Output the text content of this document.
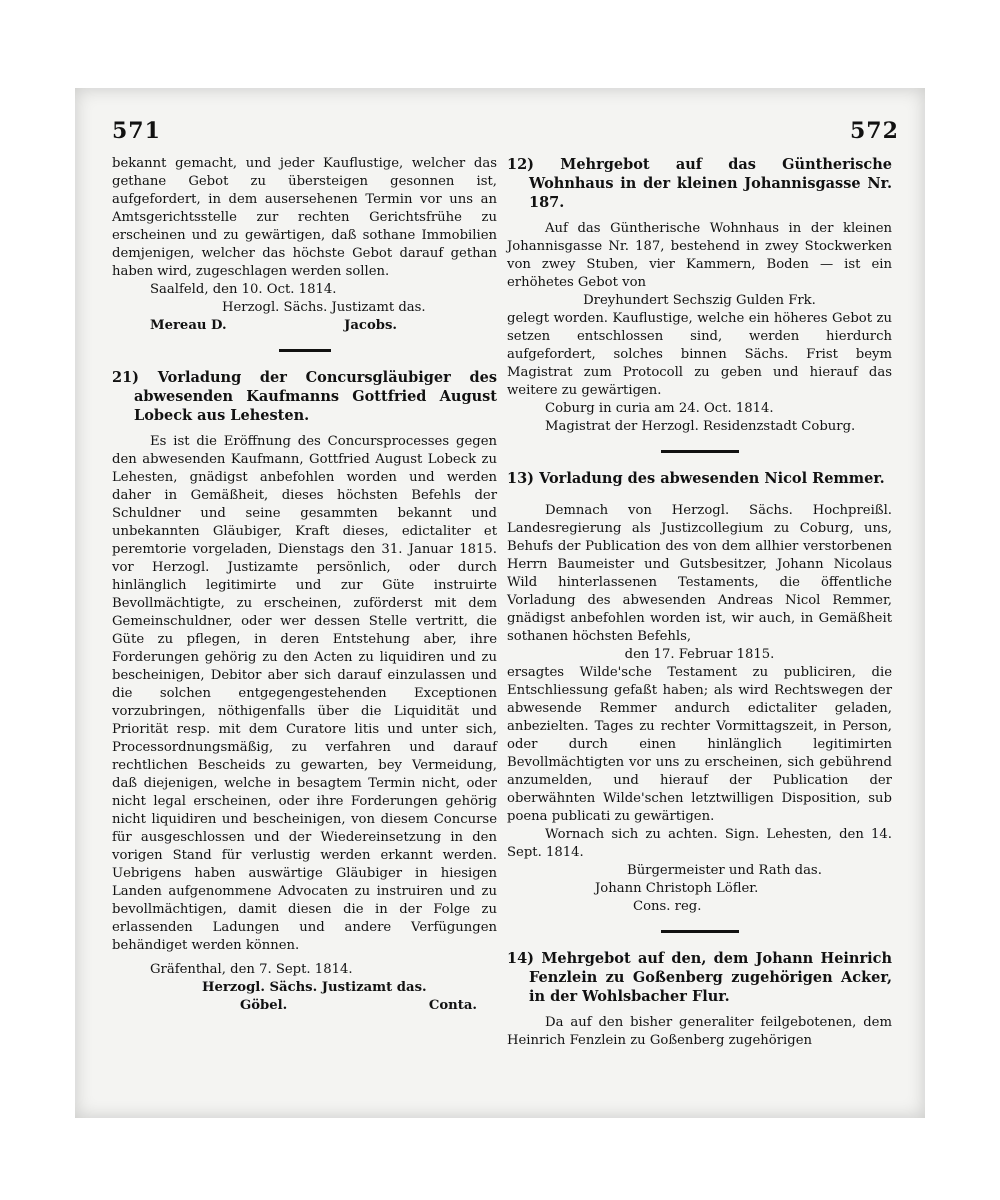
571	572

bekannt gemacht, und jeder Kauflustige, welcher das gethane Gebot zu übersteigen gesonnen ist, aufgefordert, in dem ausersehenen Termin vor uns an Amtsgerichtsstelle zur rechten Gerichtsfrühe zu erscheinen und zu gewärtigen, daß sothane Immobilien demjenigen, welcher das höchste Gebot darauf gethan haben wird, zugeschlagen werden sollen.

Saalfeld, den 10. Oct. 1814.

Herzogl. Sächs. Justizamt das.

Mereau D.	Jacobs.

21) Vorladung der Concursgläubiger des abwesenden Kaufmanns Gottfried August Lobeck aus Lehesten.

Es ist die Eröffnung des Concursprocesses gegen den abwesenden Kaufmann, Gottfried August Lobeck zu Lehesten, gnädigst anbefohlen worden und werden daher in Gemäßheit, dieses höchsten Befehls der Schuldner und seine gesammten bekannt und unbekannten Gläubiger, Kraft dieses, edictaliter et peremtorie vorgeladen, Dienstags den 31. Januar 1815. vor Herzogl. Justizamte persönlich, oder durch hinlänglich legitimirte und zur Güte instruirte Bevollmächtigte, zu erscheinen, zuförderst mit dem Gemeinschuldner, oder wer dessen Stelle vertritt, die Güte zu pflegen, in deren Entstehung aber, ihre Forderungen gehörig zu den Acten zu liquidiren und zu bescheinigen, Debitor aber sich darauf einzulassen und die solchen entgegengestehenden Exceptionen vorzubringen, nöthigenfalls über die Liquidität und Priorität resp. mit dem Curatore litis und unter sich, Processordnungsmäßig, zu verfahren und darauf rechtlichen Bescheids zu gewarten, bey Vermeidung, daß diejenigen, welche in besagtem Termin nicht, oder nicht legal erscheinen, oder ihre Forderungen gehörig nicht liquidiren und bescheinigen, von diesem Concurse für ausgeschlossen und der Wiedereinsetzung in den vorigen Stand für verlustig werden erkannt werden. Uebrigens haben auswärtige Gläubiger in hiesigen Landen aufgenommene Advocaten zu instruiren und zu bevollmächtigen, damit diesen die in der Folge zu erlassenden Ladungen und andere Verfügungen behändiget werden können.

Gräfenthal, den 7. Sept. 1814.

Herzogl. Sächs. Justizamt das.

Göbel.	Conta.

12) Mehrgebot auf das Güntherische Wohnhaus in der kleinen Johannisgasse Nr. 187.

Auf das Güntherische Wohnhaus in der kleinen Johannisgasse Nr. 187, bestehend in zwey Stockwerken von zwey Stuben, vier Kammern, Boden — ist ein erhöhetes Gebot von

Dreyhundert Sechszig Gulden Frk.

gelegt worden. Kauflustige, welche ein höheres Gebot zu setzen entschlossen sind, werden hierdurch aufgefordert, solches binnen Sächs. Frist beym Magistrat zum Protocoll zu geben und hierauf das weitere zu gewärtigen.

Coburg in curia am 24. Oct. 1814.

Magistrat der Herzogl. Residenzstadt Coburg.

13) Vorladung des abwesenden Nicol Remmer.

Demnach von Herzogl. Sächs. Hochpreißl. Landesregierung als Justizcollegium zu Coburg, uns, Behufs der Publication des von dem allhier verstorbenen Herrn Baumeister und Gutsbesitzer, Johann Nicolaus Wild hinterlassenen Testaments, die öffentliche Vorladung des abwesenden Andreas Nicol Remmer, gnädigst anbefohlen worden ist, wir auch, in Gemäßheit sothanen höchsten Befehls,

den 17. Februar 1815.

ersagtes Wilde'sche Testament zu publiciren, die Entschliessung gefaßt haben; als wird Rechtswegen der abwesende Remmer andurch edictaliter geladen, anbezielten. Tages zu rechter Vormittagszeit, in Person, oder durch einen hinlänglich legitimirten Bevollmächtigten vor uns zu erscheinen, sich gebührend anzumelden, und hierauf der Publication der oberwähnten Wilde'schen letztwilligen Disposition, sub poena publicati zu gewärtigen.

Wornach sich zu achten. Sign. Lehesten, den 14. Sept. 1814.

Bürgermeister und Rath das.

Johann Christoph Löfler.

Cons. reg.

14) Mehrgebot auf den, dem Johann Heinrich Fenzlein zu Goßenberg zugehörigen Acker, in der Wohlsbacher Flur.

Da auf den bisher generaliter feilgebotenen, dem Heinrich Fenzlein zu Goßenberg zugehörigen
